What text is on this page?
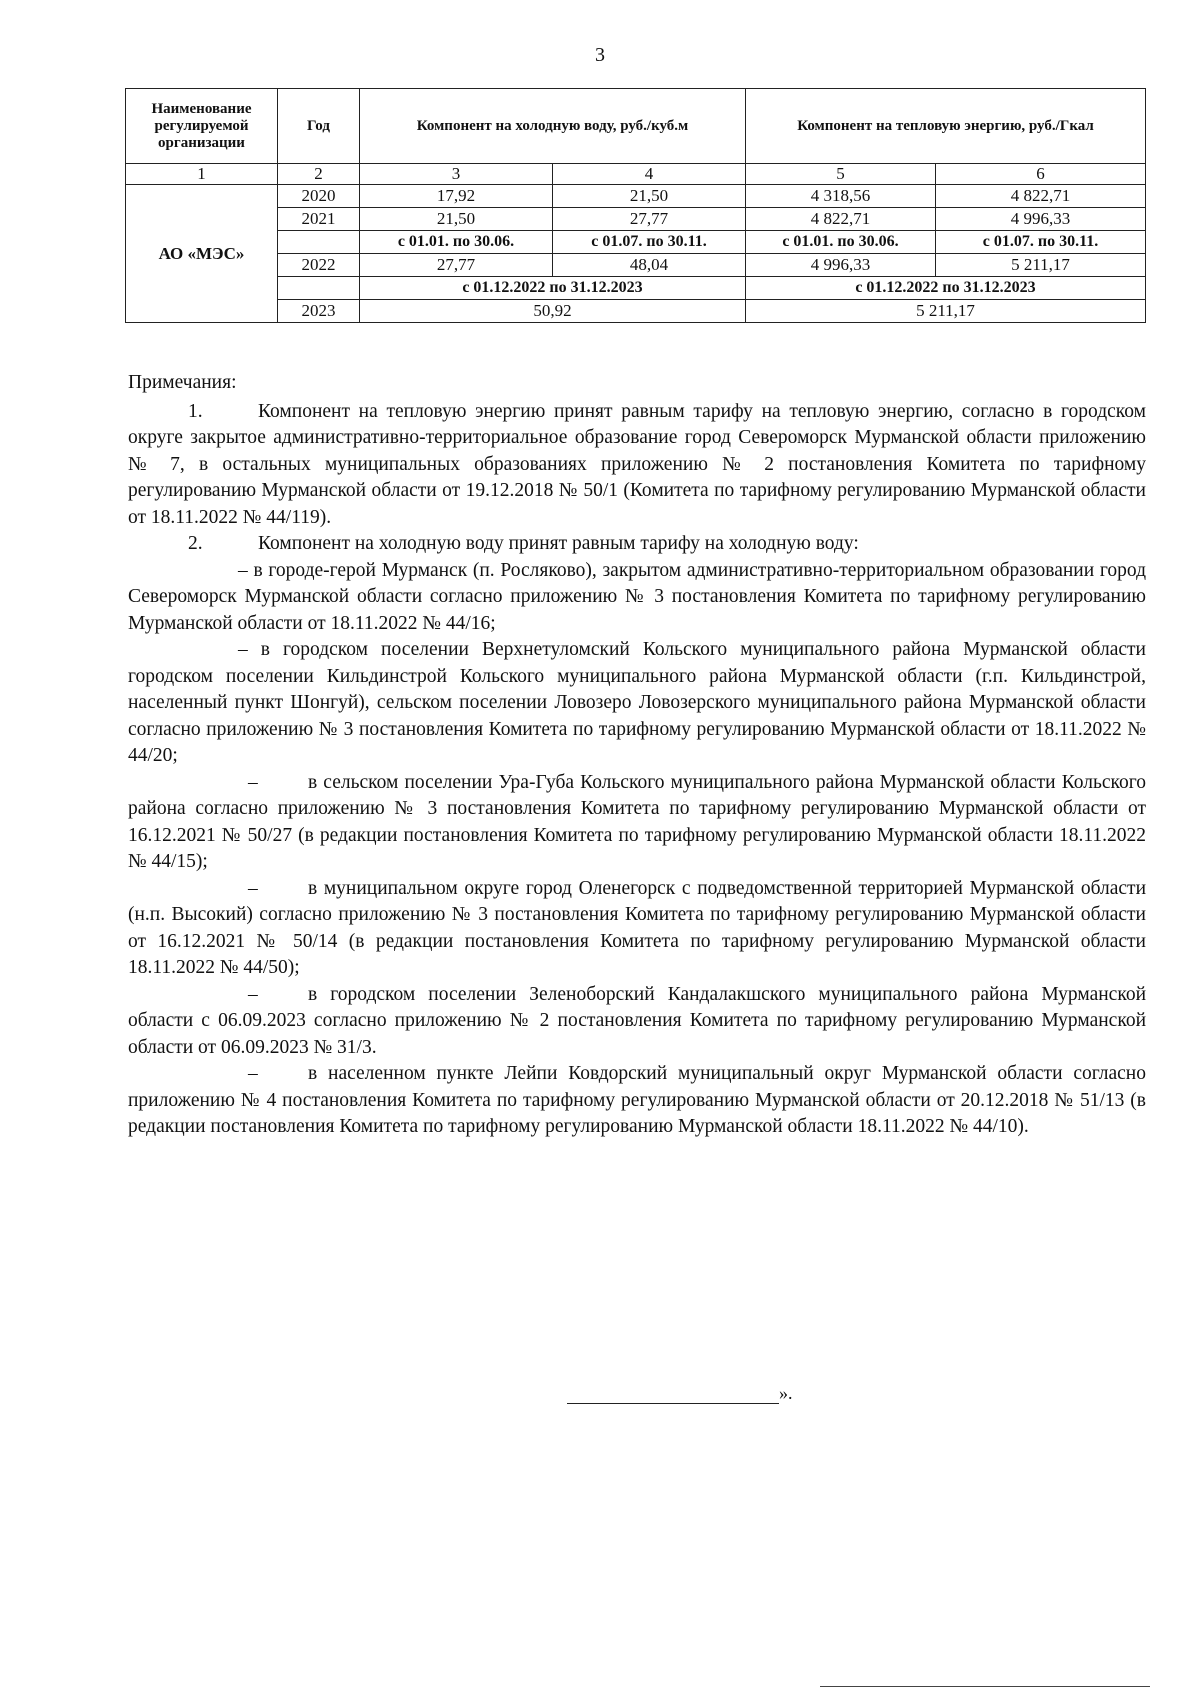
3
Наименование регулируемой организации	Год	Компонент на холодную воду, руб./куб.м		Компонент на тепловую энергию, руб./Гкал	
1	2	3	4	5	6
АО «МЭС»	2020	17,92	21,50	4 318,56	4 822,71
	2021	21,50	27,77	4 822,71	4 996,33
		с 01.01. по 30.06.	с 01.07. по 30.11.	с 01.01. по 30.06.	с 01.07. по 30.11.
	2022	27,77	48,04	4 996,33	5 211,17
		с 01.12.2022 по 31.12.2023		с 01.12.2022 по 31.12.2023	
	2023	50,92		5 211,17	

Примечания:

1.	Компонент на тепловую энергию принят равным тарифу на тепловую энергию, согласно в городском округе закрытое административно-территориальное образование город Североморск Мурманской области приложению № 7, в остальных муниципальных образованиях приложению № 2 постановления Комитета по тарифному регулированию Мурманской области от 19.12.2018 № 50/1 (Комитета по тарифному регулированию Мурманской области от 18.11.2022 № 44/119).

2.	Компонент на холодную воду принят равным тарифу на холодную воду:

– в городе-герой Мурманск (п. Росляково), закрытом административно-территориальном образовании город Североморск Мурманской области согласно приложению № 3 постановления Комитета по тарифному регулированию Мурманской области от 18.11.2022 № 44/16;

– в городском поселении Верхнетуломский Кольского муниципального района Мурманской области городском поселении Кильдинстрой Кольского муниципального района Мурманской области (г.п. Кильдинстрой, населенный пункт Шонгуй), сельском поселении Ловозеро Ловозерского муниципального района Мурманской области согласно приложению № 3 постановления Комитета по тарифному регулированию Мурманской области от 18.11.2022 № 44/20;

–	в сельском поселении Ура-Губа Кольского муниципального района Мурманской области Кольского района согласно приложению № 3 постановления Комитета по тарифному регулированию Мурманской области от 16.12.2021 № 50/27 (в редакции постановления Комитета по тарифному регулированию Мурманской области 18.11.2022 № 44/15);

–	в муниципальном округе город Оленегорск с подведомственной территорией Мурманской области (н.п. Высокий) согласно приложению № 3 постановления Комитета по тарифному регулированию Мурманской области от 16.12.2021 № 50/14 (в редакции постановления Комитета по тарифному регулированию Мурманской области 18.11.2022 № 44/50);

–	в городском поселении Зеленоборский Кандалакшского муниципального района Мурманской области с 06.09.2023 согласно приложению № 2 постановления Комитета по тарифному регулированию Мурманской области от 06.09.2023 № 31/3.

–	в населенном пункте Лейпи Ковдорский муниципальный округ Мурманской области согласно приложению № 4 постановления Комитета по тарифному регулированию Мурманской области от 20.12.2018 № 51/13 (в редакции постановления Комитета по тарифному регулированию Мурманской области 18.11.2022 № 44/10).

».
